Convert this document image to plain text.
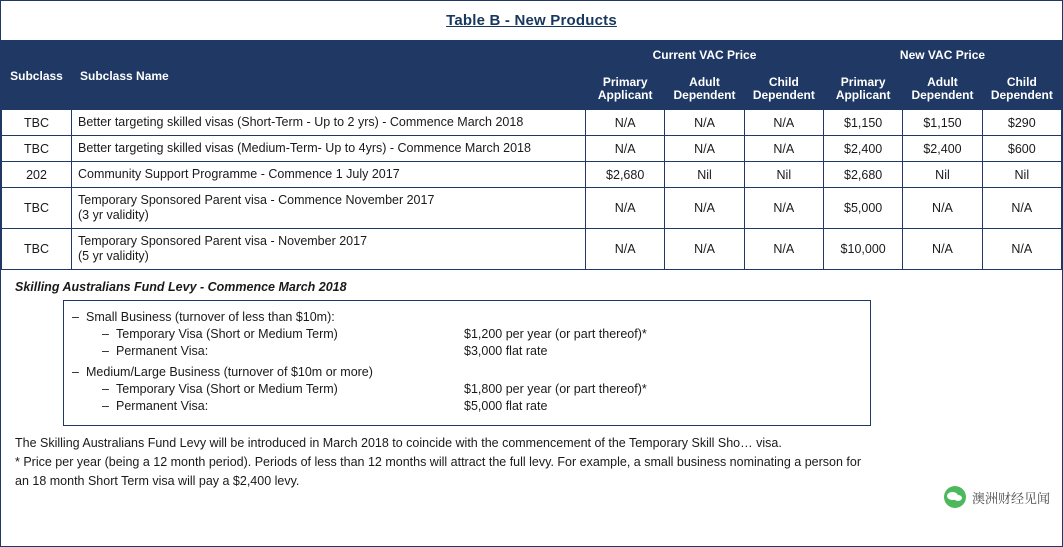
Table B - New Products
Subclass	Subclass Name	Current VAC Price			New VAC Price		
		Primary Applicant	Adult Dependent	Child Dependent	Primary Applicant	Adult Dependent	Child Dependent
TBC	Better targeting skilled visas (Short-Term - Up to 2 yrs) - Commence March 2018	N/A	N/A	N/A	$1,150	$1,150	$290
TBC	Better targeting skilled visas (Medium-Term- Up to 4yrs) - Commence March 2018	N/A	N/A	N/A	$2,400	$2,400	$600
202	Community Support Programme - Commence 1 July 2017	$2,680	Nil	Nil	$2,680	Nil	Nil
TBC	Temporary Sponsored Parent visa - Commence November 2017
(3 yr validity)	N/A	N/A	N/A	$5,000	N/A	N/A
TBC	Temporary Sponsored Parent visa - November 2017
(5 yr validity)	N/A	N/A	N/A	$10,000	N/A	N/A
Skilling Australians Fund Levy - Commence March 2018
– Small Business (turnover of less than $10m):
– Temporary Visa (Short or Medium Term)	$1,200 per year (or part thereof)*
– Permanent Visa:	$3,000 flat rate
– Medium/Large Business (turnover of $10m or more)
– Temporary Visa (Short or Medium Term)	$1,800 per year (or part thereof)*
– Permanent Visa:	$5,000 flat rate

The Skilling Australians Fund Levy will be introduced in March 2018 to coincide with the commencement of the Temporary Skill Sho… visa.

* Price per year (being a 12 month period). Periods of less than 12 months will attract the full levy. For example, a small business nominating a person for

an 18 month Short Term visa will pay a $2,400 levy.

澳洲财经见闻
